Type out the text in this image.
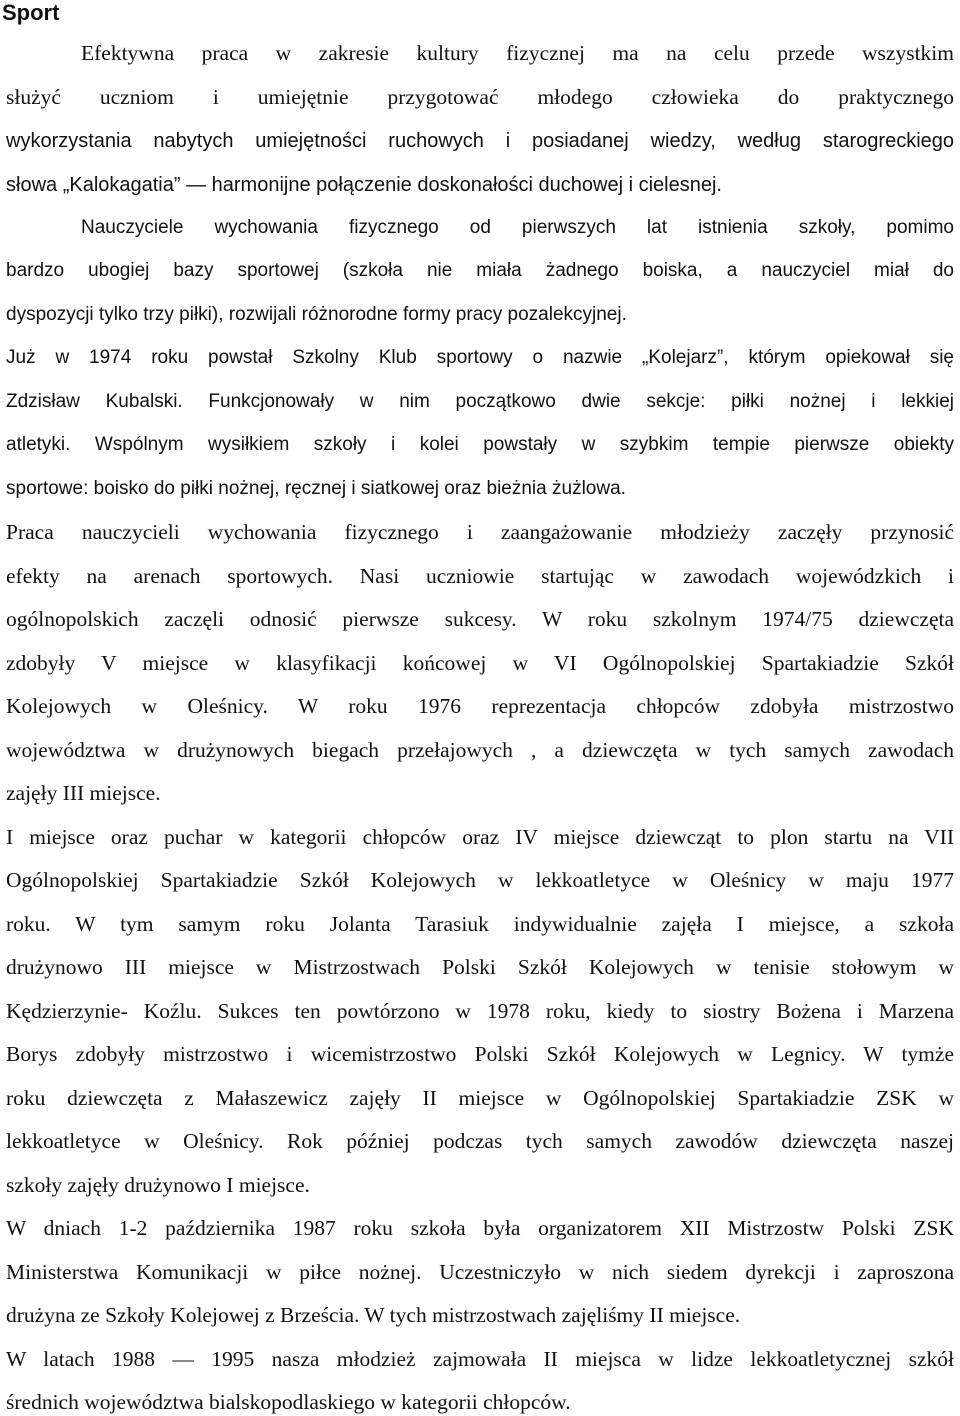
Sport
Efektywna praca w zakresie kultury fizycznej ma na celu przede wszystkim
służyć uczniom i umiejętnie przygotować młodego człowieka do praktycznego
wykorzystania nabytych umiejętności ruchowych i posiadanej wiedzy, według starogreckiego
słowa „Kalokagatia” — harmonijne połączenie doskonałości duchowej i cielesnej.
Nauczyciele wychowania fizycznego od pierwszych lat istnienia szkoły, pomimo
bardzo ubogiej bazy sportowej (szkoła nie miała żadnego boiska, a nauczyciel miał do
dyspozycji tylko trzy piłki), rozwijali różnorodne formy pracy pozalekcyjnej.
Już w 1974 roku powstał Szkolny Klub sportowy o nazwie „Kolejarz”, którym opiekował się
Zdzisław Kubalski. Funkcjonowały w nim początkowo dwie sekcje: piłki nożnej i lekkiej
atletyki. Wspólnym wysiłkiem szkoły i kolei powstały w szybkim tempie pierwsze obiekty
sportowe: boisko do piłki nożnej, ręcznej i siatkowej oraz bieżnia żużlowa.
Praca nauczycieli wychowania fizycznego i zaangażowanie młodzieży zaczęły przynosić
efekty na arenach sportowych. Nasi uczniowie startując w zawodach wojewódzkich i
ogólnopolskich zaczęli odnosić pierwsze sukcesy. W roku szkolnym 1974/75 dziewczęta
zdobyły V miejsce w klasyfikacji końcowej w VI Ogólnopolskiej Spartakiadzie Szkół
Kolejowych w Oleśnicy. W roku 1976 reprezentacja chłopców zdobyła mistrzostwo
województwa w drużynowych biegach przełajowych , a dziewczęta w tych samych zawodach
zajęły III miejsce.
I miejsce oraz puchar w kategorii chłopców oraz IV miejsce dziewcząt to plon startu na VII
Ogólnopolskiej Spartakiadzie Szkół Kolejowych w lekkoatletyce w Oleśnicy w maju 1977
roku. W tym samym roku Jolanta Tarasiuk indywidualnie zajęła I miejsce, a szkoła
drużynowo III miejsce w Mistrzostwach Polski Szkół Kolejowych w tenisie stołowym w
Kędzierzynie- Koźlu. Sukces ten powtórzono w 1978 roku, kiedy to siostry Bożena i Marzena
Borys zdobyły mistrzostwo i wicemistrzostwo Polski Szkół Kolejowych w Legnicy. W tymże
roku dziewczęta z Małaszewicz zajęły II miejsce w Ogólnopolskiej Spartakiadzie ZSK w
lekkoatletyce w Oleśnicy. Rok później podczas tych samych zawodów dziewczęta naszej
szkoły zajęły drużynowo I miejsce.
W dniach 1-2 października 1987 roku szkoła była organizatorem XII Mistrzostw Polski ZSK
Ministerstwa Komunikacji w piłce nożnej. Uczestniczyło w nich siedem dyrekcji i zaproszona
drużyna ze Szkoły Kolejowej z Brześcia. W tych mistrzostwach zajęliśmy II miejsce.
W latach 1988 — 1995 nasza młodzież zajmowała II miejsca w lidze lekkoatletycznej szkół
średnich województwa bialskopodlaskiego w kategorii chłopców.
